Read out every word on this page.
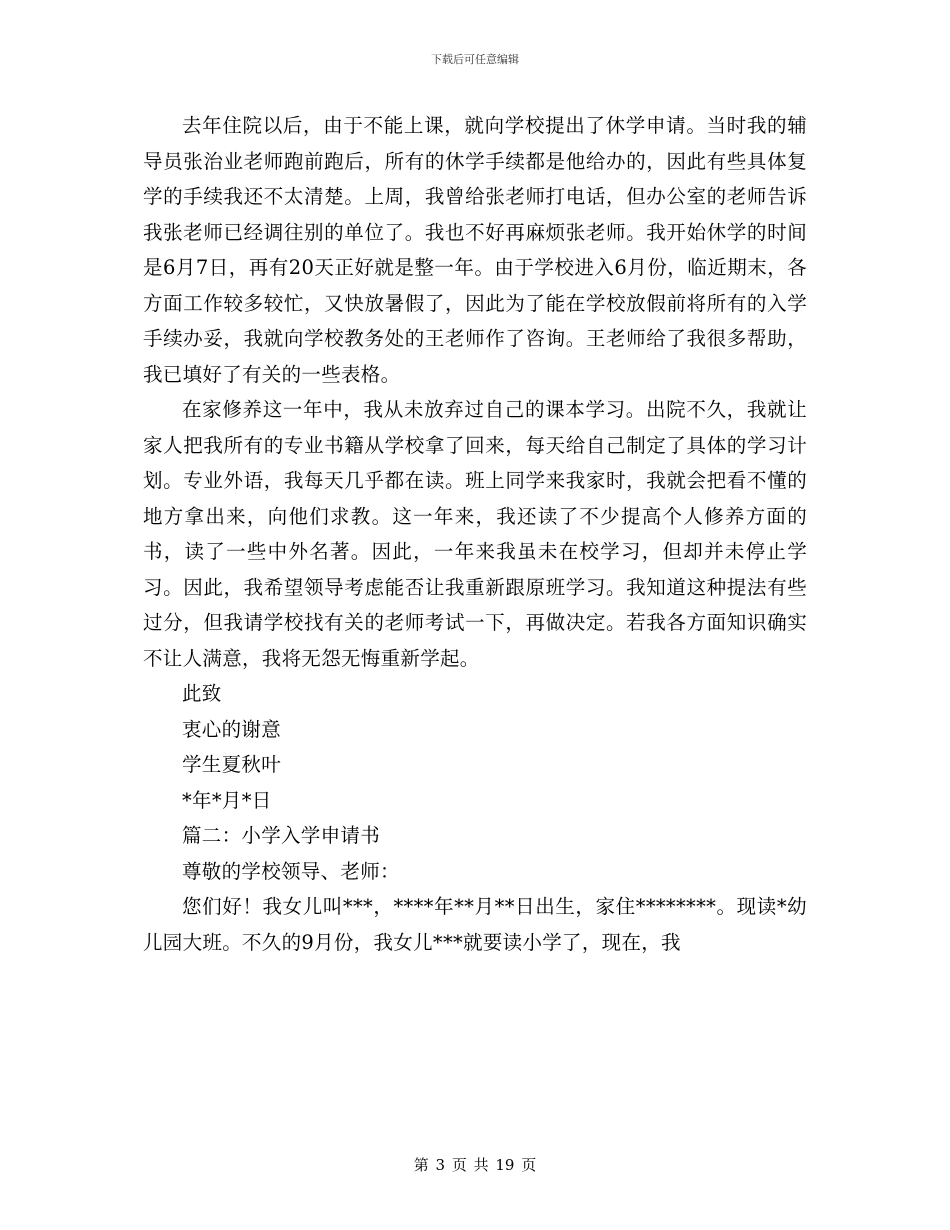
下载后可任意编辑

去年住院以后，由于不能上课，就向学校提出了休学申请。当时我的辅导员张治业老师跑前跑后，所有的休学手续都是他给办的，因此有些具体复学的手续我还不太清楚。上周，我曾给张老师打电话，但办公室的老师告诉我张老师已经调往别的单位了。我也不好再麻烦张老师。我开始休学的时间是6月7日，再有20天正好就是整一年。由于学校进入6月份，临近期末，各方面工作较多较忙，又快放暑假了，因此为了能在学校放假前将所有的入学手续办妥，我就向学校教务处的王老师作了咨询。王老师给了我很多帮助，我已填好了有关的一些表格。

在家修养这一年中，我从未放弃过自己的课本学习。出院不久，我就让家人把我所有的专业书籍从学校拿了回来，每天给自己制定了具体的学习计划。专业外语，我每天几乎都在读。班上同学来我家时，我就会把看不懂的地方拿出来，向他们求教。这一年来，我还读了不少提高个人修养方面的书，读了一些中外名著。因此，一年来我虽未在校学习，但却并未停止学习。因此，我希望领导考虑能否让我重新跟原班学习。我知道这种提法有些过分，但我请学校找有关的老师考试一下，再做决定。若我各方面知识确实不让人满意，我将无怨无悔重新学起。

此致

衷心的谢意

学生夏秋叶

*年*月*日

篇二：小学入学申请书

尊敬的学校领导、老师：

您们好！我女儿叫***，****年**月**日出生，家住********。现读*幼儿园大班。不久的9月份，我女儿***就要读小学了，现在，我

第 3 页 共 19 页
